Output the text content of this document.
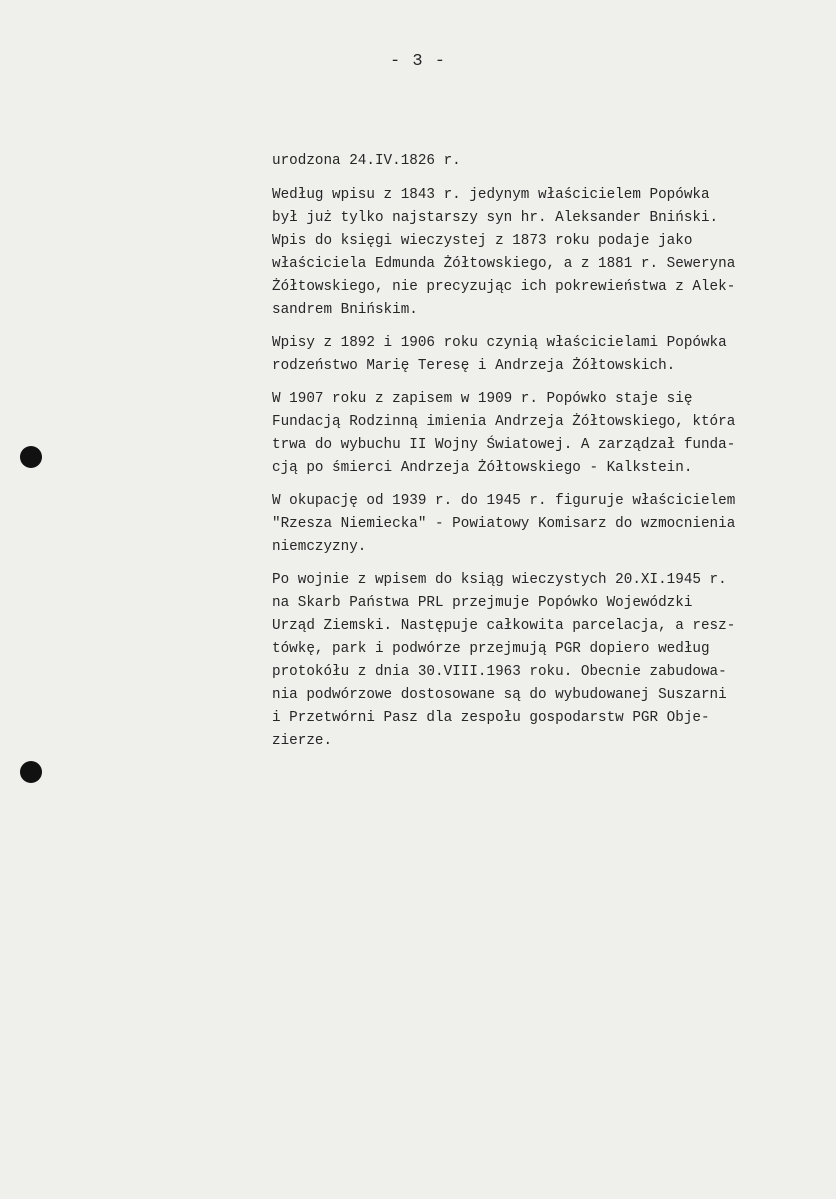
- 3 -
urodzona 24.IV.1826 r.
Według wpisu z 1843 r. jedynym właścicielem Popówka
był już tylko najstarszy syn hr. Aleksander Bniński.
Wpis do księgi wieczystej z 1873 roku podaje jako
właściciela Edmunda Żółtowskiego, a z 1881 r. Seweryna
Żółtowskiego, nie precyzując ich pokrewieństwa z Alek-
sandrem Bnińskim.
Wpisy z 1892 i 1906 roku czynią właścicielami Popówka
rodzeństwo Marię Teresę i Andrzeja Żółtowskich.
W 1907 roku z zapisem w 1909 r. Popówko staje się
Fundacją Rodzinną imienia Andrzeja Żółtowskiego, która
trwa do wybuchu II Wojny Światowej. A zarządzał funda-
cją po śmierci Andrzeja Żółtowskiego - Kalkstein.
W okupację od 1939 r. do 1945 r. figuruje właścicielem
"Rzesza Niemiecka" - Powiatowy Komisarz do wzmocnienia
niemczyzny.
Po wojnie z wpisem do ksiąg wieczystych 20.XI.1945 r.
na Skarb Państwa PRL przejmuje Popówko Wojewódzki
Urząd Ziemski. Następuje całkowita parcelacja, a resz-
tówkę, park i podwórze przejmują PGR dopiero według
protokółu z dnia 30.VIII.1963 roku. Obecnie zabudowa-
nia podwórzowe dostosowane są do wybudowanej Suszarni
i Przetwórni Pasz dla zespołu gospodarstw PGR Obje-
zierze.
